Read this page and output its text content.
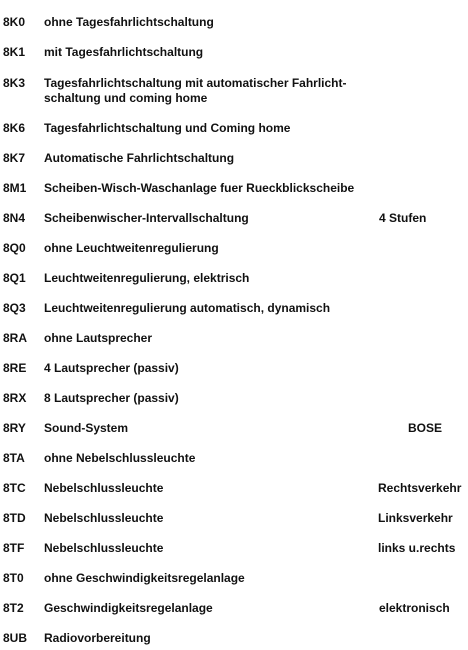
8K0 ohne Tagesfahrlichtschaltung
8K1 mit Tagesfahrlichtschaltung
8K3 Tagesfahrlichtschaltung mit automatischer Fahrlicht-
schaltung und coming home
8K6 Tagesfahrlichtschaltung und Coming home
8K7 Automatische Fahrlichtschaltung
8M1 Scheiben-Wisch-Waschanlage fuer Rueckblickscheibe
8N4 Scheibenwischer-Intervallschaltung	4 Stufen
8Q0 ohne Leuchtweitenregulierung
8Q1 Leuchtweitenregulierung, elektrisch
8Q3 Leuchtweitenregulierung automatisch, dynamisch
8RA ohne Lautsprecher
8RE 4 Lautsprecher (passiv)
8RX 8 Lautsprecher (passiv)
8RY Sound-System	BOSE
8TA ohne Nebelschlussleuchte
8TC Nebelschlussleuchte	Rechtsverkehr
8TD Nebelschlussleuchte	Linksverkehr
8TF Nebelschlussleuchte	links u.rechts
8T0 ohne Geschwindigkeitsregelanlage
8T2 Geschwindigkeitsregelanlage	elektronisch
8UB Radiovorbereitung
